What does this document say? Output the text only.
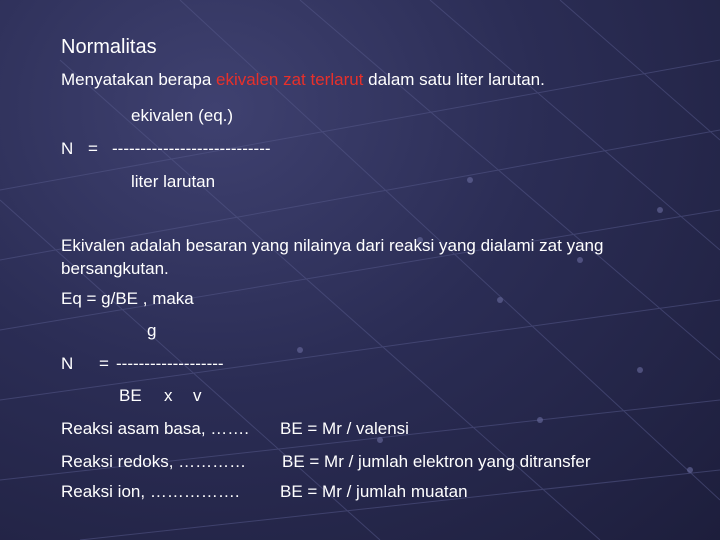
Normalitas
Menyatakan berapa ekivalen zat terlarut dalam satu liter larutan.
ekivalen (eq.)
N = ----------------------------
liter larutan
Ekivalen adalah besaran yang nilainya dari reaksi yang dialami zat yang bersangkutan.
Eq = g/BE , maka
g
N = -------------------
BE x v
Reaksi asam basa, ……. BE = Mr / valensi
Reaksi redoks, ………… BE = Mr / jumlah elektron yang ditransfer
Reaksi ion, ……………. BE = Mr / jumlah muatan
